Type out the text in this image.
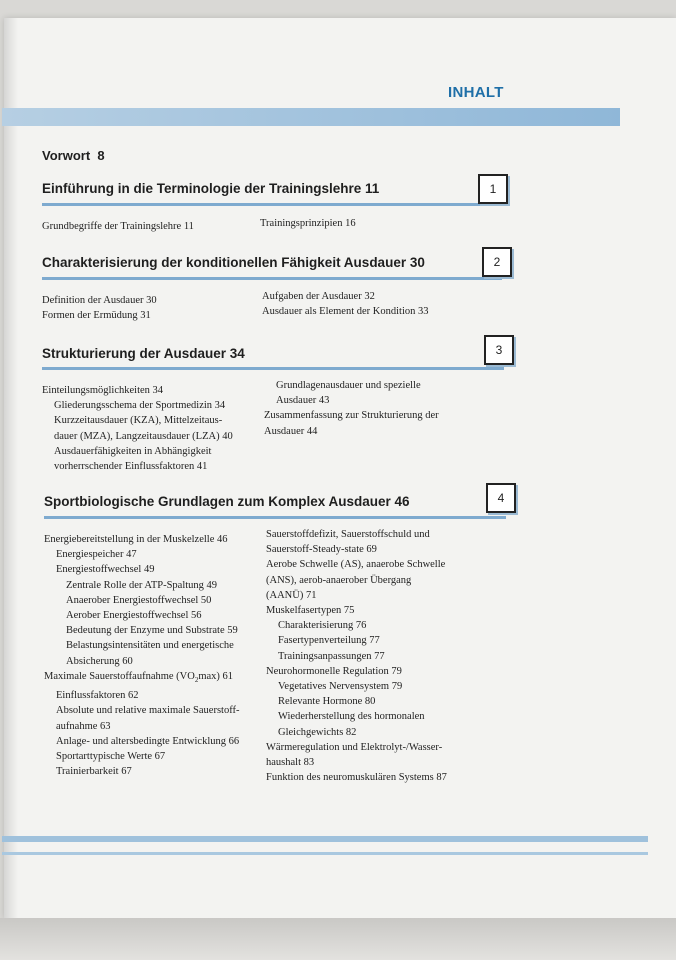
INHALT
Vorwort 8
Einführung in die Terminologie der Trainingslehre 11	1
Grundbegriffe der Trainingslehre 11	Trainingsprinzipien 16
Charakterisierung der konditionellen Fähigkeit Ausdauer 30	2
Definition der Ausdauer 30
Formen der Ermüdung 31
Aufgaben der Ausdauer 32
Ausdauer als Element der Kondition 33
Strukturierung der Ausdauer 34	3
Einteilungsmöglichkeiten 34
Gliederungsschema der Sportmedizin 34
Kurzzeitausdauer (KZA), Mittelzeitaus-
dauer (MZA), Langzeitausdauer (LZA) 40
Ausdauerfähigkeiten in Abhängigkeit
vorherrschender Einflussfaktoren 41
Grundlagenausdauer und spezielle
Ausdauer 43
Zusammenfassung zur Strukturierung der
Ausdauer 44
Sportbiologische Grundlagen zum Komplex Ausdauer 46	4
Energiebereitstellung in der Muskelzelle 46
Energiespeicher 47
Energiestoffwechsel 49
Zentrale Rolle der ATP-Spaltung 49
Anaerober Energiestoffwechsel 50
Aerober Energiestoffwechsel 56
Bedeutung der Enzyme und Substrate 59
Belastungsintensitäten und energetische
Absicherung 60
Maximale Sauerstoffaufnahme $(VO_2\max)$ 61
Einflussfaktoren 62
Absolute und relative maximale Sauerstoff-
aufnahme 63
Anlage- und altersbedingte Entwicklung 66
Sportarttypische Werte 67
Trainierbarkeit 67
Sauerstoffdefizit, Sauerstoffschuld und
Sauerstoff-Steady-state 69
Aerobe Schwelle (AS), anaerobe Schwelle
(ANS), aerob-anaerober Übergang
(AANÜ) 71
Muskelfasertypen 75
Charakterisierung 76
Fasertypenverteilung 77
Trainingsanpassungen 77
Neurohormonelle Regulation 79
Vegetatives Nervensystem 79
Relevante Hormone 80
Wiederherstellung des hormonalen
Gleichgewichts 82
Wärmeregulation und Elektrolyt-/Wasser-
haushalt 83
Funktion des neuromuskulären Systems 87
